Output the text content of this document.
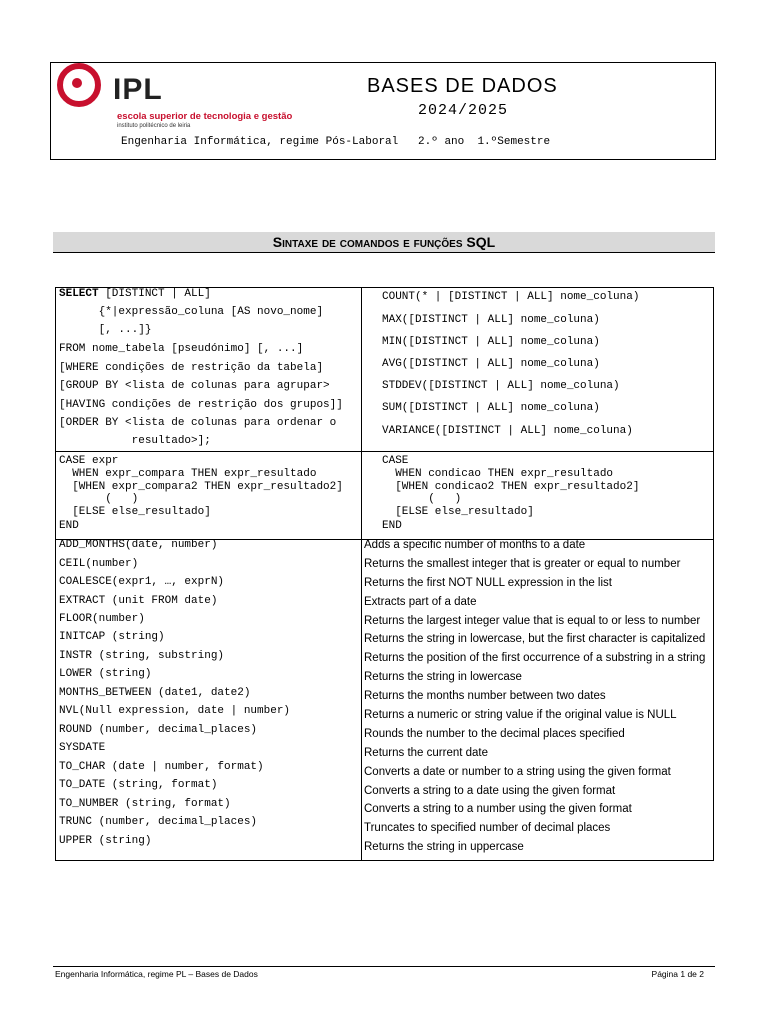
IPL
escola superior de tecnologia e gestão
instituto politécnico de leiria
BASES DE DADOS
2024/2025
Engenharia Informática, regime Pós-Laboral   2.º ano  1.ºSemestre
Sintaxe de comandos e funções SQL

SELECT [DISTINCT | ALL]

{*|expressão_coluna [AS novo_nome]

[, ...]}

FROM nome_tabela [pseudónimo] [, ...]

[WHERE condições de restrição da tabela]

[GROUP BY <lista de colunas para agrupar>

[HAVING condições de restrição dos grupos]]

[ORDER BY <lista de colunas para ordenar o

resultado>];

COUNT(* | [DISTINCT | ALL] nome_coluna)

MAX([DISTINCT | ALL] nome_coluna)

MIN([DISTINCT | ALL] nome_coluna)

AVG([DISTINCT | ALL] nome_coluna)

STDDEV([DISTINCT | ALL] nome_coluna)

SUM([DISTINCT | ALL] nome_coluna)

VARIANCE([DISTINCT | ALL] nome_coluna)

CASE expr

WHEN expr_compara THEN expr_resultado

[WHEN expr_compara2 THEN expr_resultado2]

(   )

[ELSE else_resultado]

END

CASE

WHEN condicao THEN expr_resultado

[WHEN condicao2 THEN expr_resultado2]

(   )

[ELSE else_resultado]

END

ADD_MONTHS(date, number)

CEIL(number)

COALESCE(expr1, …, exprN)

EXTRACT (unit FROM date)

FLOOR(number)

INITCAP (string)

INSTR (string, substring)

LOWER (string)

MONTHS_BETWEEN (date1, date2)

NVL(Null expression, date | number)

ROUND (number, decimal_places)

SYSDATE

TO_CHAR (date | number, format)

TO_DATE (string, format)

TO_NUMBER (string, format)

TRUNC (number, decimal_places)

UPPER (string)

Adds a specific number of months to a date
Returns the smallest integer that is greater or equal to number
Returns the first NOT NULL expression in the list
Extracts part of a date
Returns the largest integer value that is equal to or less to number
Returns the string in lowercase, but the first character is capitalized
Returns the position of the first occurrence of a substring in a string
Returns the string in lowercase
Returns the months number between two dates
Returns a numeric or string value if the original value is NULL
Rounds the number to the decimal places specified
Returns the current date
Converts a date or number to a string using the given format
Converts a string to a date using the given format
Converts a string to a number using the given format
Truncates to specified number of decimal places
Returns the string in uppercase
Engenharia Informática, regime PL – Bases de Dados	Página 1 de 2
